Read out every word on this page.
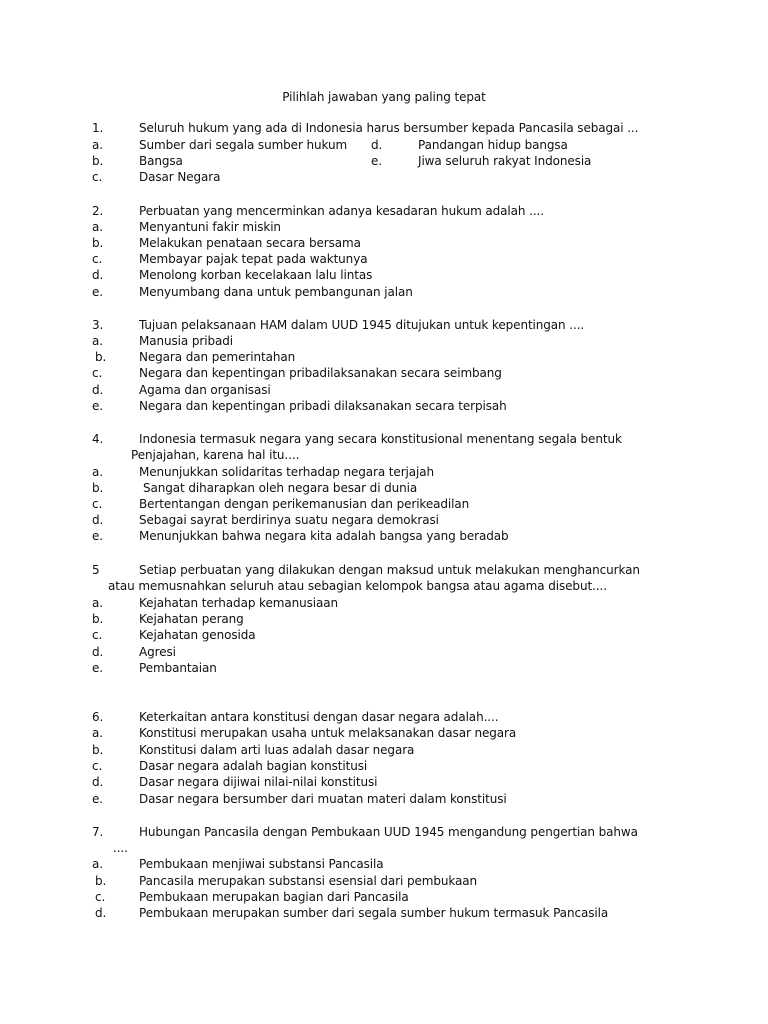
Pilihlah jawaban yang paling tepat
1.	Seluruh hukum yang ada di Indonesia harus bersumber kepada Pancasila sebagai ...
a.	Sumber dari segala sumber hukum d.	Pandangan hidup bangsa
b.	Bangsa	e.	Jiwa seluruh rakyat Indonesia
c.	Dasar Negara
2.	Perbuatan yang mencerminkan adanya kesadaran hukum adalah ....
a.	Menyantuni fakir miskin
b.	Melakukan penataan secara bersama
c.	Membayar pajak tepat pada waktunya
d.	Menolong korban kecelakaan lalu lintas
e.	Menyumbang dana untuk pembangunan jalan
3.	Tujuan pelaksanaan HAM dalam UUD 1945 ditujukan untuk kepentingan ....
a.	Manusia pribadi
b.	Negara dan pemerintahan
c.	Negara dan kepentingan pribadilaksanakan secara seimbang
d.	Agama dan organisasi
e.	Negara dan kepentingan pribadi dilaksanakan secara terpisah
4.	Indonesia termasuk negara yang secara konstitusional menentang segala bentuk
Penjajahan, karena hal itu....
a.	Menunjukkan solidaritas terhadap negara terjajah
b.	Sangat diharapkan oleh negara besar di dunia
c.	Bertentangan dengan perikemanusian dan perikeadilan
d.	Sebagai sayrat berdirinya suatu negara demokrasi
e.	Menunjukkan bahwa negara kita adalah bangsa yang beradab
5	Setiap perbuatan yang dilakukan dengan maksud untuk melakukan menghancurkan
atau memusnahkan seluruh atau sebagian kelompok bangsa atau agama disebut....
a.	Kejahatan terhadap kemanusiaan
b.	Kejahatan perang
c.	Kejahatan genosida
d.	Agresi
e.	Pembantaian
6.	Keterkaitan antara konstitusi dengan dasar negara adalah....
a.	Konstitusi merupakan usaha untuk melaksanakan dasar negara
b.	Konstitusi dalam arti luas adalah dasar negara
c.	Dasar negara adalah bagian konstitusi
d.	Dasar negara dijiwai nilai-nilai konstitusi
e.	Dasar negara bersumber dari muatan materi dalam konstitusi
7.	Hubungan Pancasila dengan Pembukaan UUD 1945 mengandung pengertian bahwa
....
a.	Pembukaan menjiwai substansi Pancasila
b.	Pancasila merupakan substansi esensial dari pembukaan
c.	Pembukaan merupakan bagian dari Pancasila
d.	Pembukaan merupakan sumber dari segala sumber hukum termasuk Pancasila
